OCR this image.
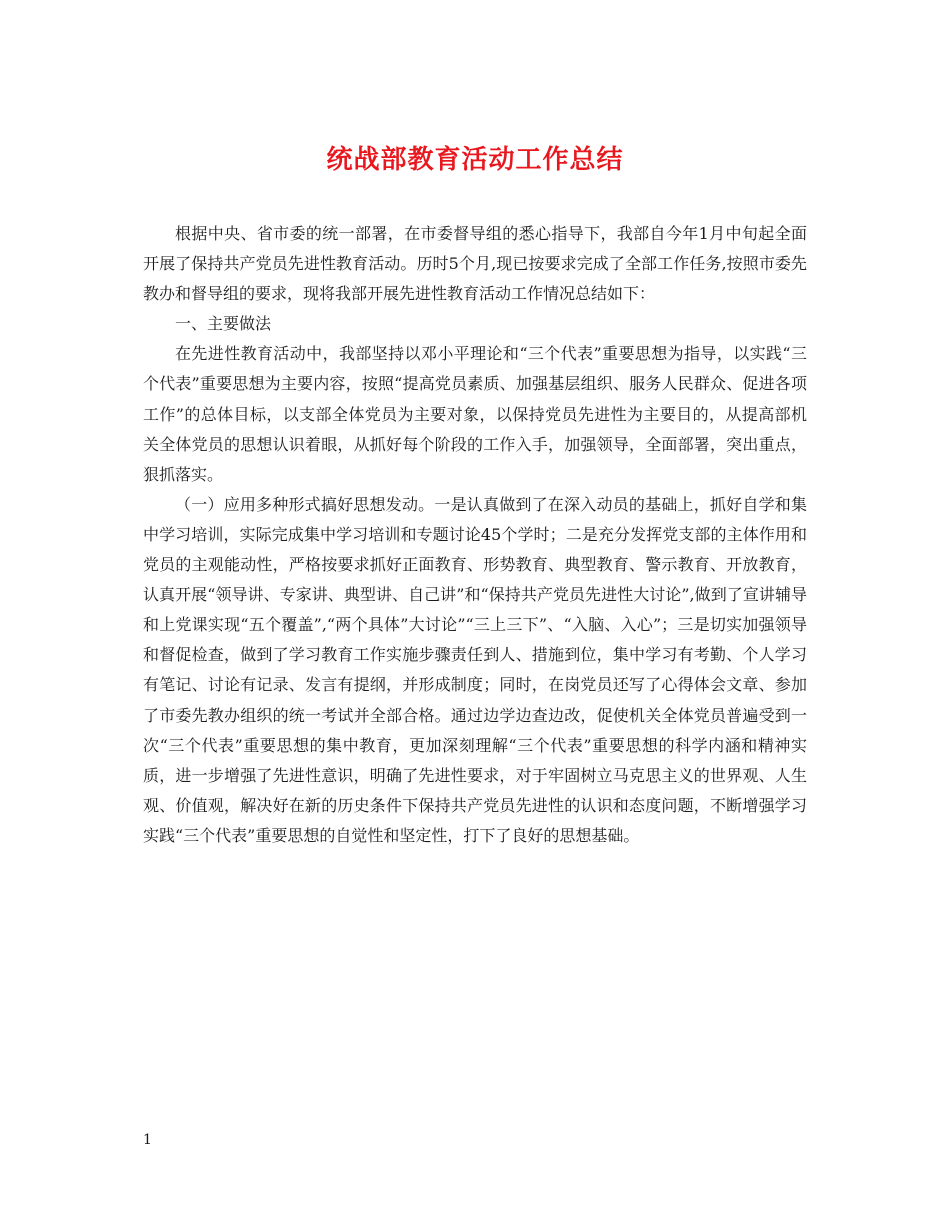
统战部教育活动工作总结

根据中央、省市委的统一部署，在市委督导组的悉心指导下，我部自今年1月中旬起全面开展了保持共产党员先进性教育活动。历时5个月,现已按要求完成了全部工作任务,按照市委先教办和督导组的要求，现将我部开展先进性教育活动工作情况总结如下：

一、主要做法

在先进性教育活动中，我部坚持以邓小平理论和“三个代表”重要思想为指导，以实践“三个代表”重要思想为主要内容，按照“提高党员素质、加强基层组织、服务人民群众、促进各项工作”的总体目标，以支部全体党员为主要对象，以保持党员先进性为主要目的，从提高部机关全体党员的思想认识着眼，从抓好每个阶段的工作入手，加强领导，全面部署，突出重点，狠抓落实。

（一）应用多种形式搞好思想发动。一是认真做到了在深入动员的基础上，抓好自学和集中学习培训，实际完成集中学习培训和专题讨论45个学时；二是充分发挥党支部的主体作用和党员的主观能动性，严格按要求抓好正面教育、形势教育、典型教育、警示教育、开放教育，认真开展“领导讲、专家讲、典型讲、自己讲”和“保持共产党员先进性大讨论”,做到了宣讲辅导和上党课实现“五个覆盖”,“两个具体”大讨论”“三上三下”、“入脑、入心”；三是切实加强领导和督促检查，做到了学习教育工作实施步骤责任到人、措施到位，集中学习有考勤、个人学习有笔记、讨论有记录、发言有提纲，并形成制度；同时，在岗党员还写了心得体会文章、参加了市委先教办组织的统一考试并全部合格。通过边学边查边改，促使机关全体党员普遍受到一次“三个代表”重要思想的集中教育，更加深刻理解“三个代表”重要思想的科学内涵和精神实质，进一步增强了先进性意识，明确了先进性要求，对于牢固树立马克思主义的世界观、人生观、价值观，解决好在新的历史条件下保持共产党员先进性的认识和态度问题，不断增强学习实践“三个代表”重要思想的自觉性和坚定性，打下了良好的思想基础。

1
